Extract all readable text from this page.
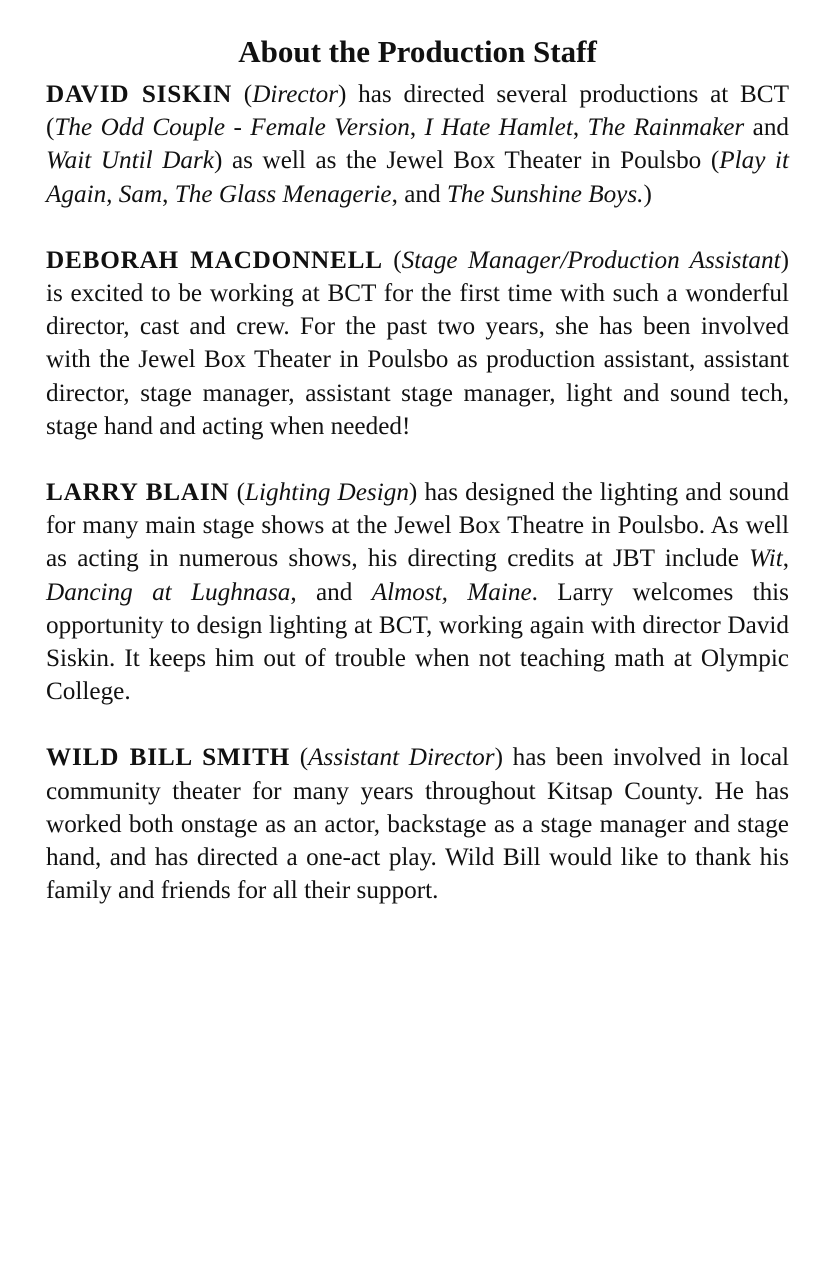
About the Production Staff

DAVID SISKIN (Director) has directed several productions at BCT (The Odd Couple - Female Version, I Hate Hamlet, The Rainmaker and Wait Until Dark) as well as the Jewel Box Theater in Poulsbo (Play it Again, Sam, The Glass Menagerie, and The Sunshine Boys.)

DEBORAH MACDONNELL (Stage Manager/Production Assistant) is excited to be working at BCT for the first time with such a wonderful director, cast and crew. For the past two years, she has been involved with the Jewel Box Theater in Poulsbo as production assistant, assistant director, stage manager, assistant stage manager, light and sound tech, stage hand and acting when needed!

LARRY BLAIN (Lighting Design) has designed the lighting and sound for many main stage shows at the Jewel Box Theatre in Poulsbo. As well as acting in numerous shows, his directing credits at JBT include Wit, Dancing at Lughnasa, and Almost, Maine. Larry welcomes this opportunity to design lighting at BCT, working again with director David Siskin. It keeps him out of trouble when not teaching math at Olympic College.

WILD BILL SMITH (Assistant Director) has been involved in local community theater for many years throughout Kitsap County. He has worked both onstage as an actor, backstage as a stage manager and stage hand, and has directed a one-act play. Wild Bill would like to thank his family and friends for all their support.
